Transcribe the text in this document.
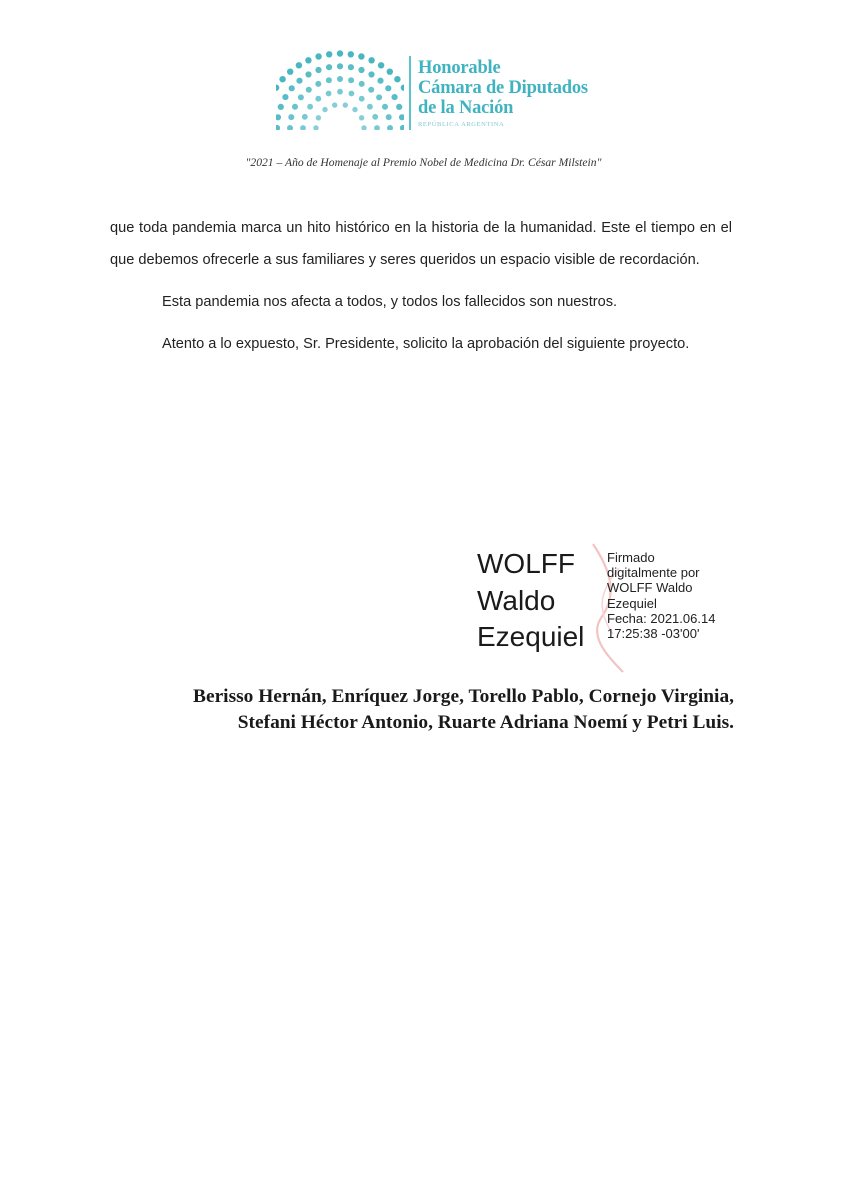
Honorable
Cámara de Diputados
de la Nación
REPÚBLICA ARGENTINA
"2021 – Año de Homenaje al Premio Nobel de Medicina Dr. César Milstein"

que toda pandemia marca un hito histórico en la historia de la humanidad. Este el tiempo en el que debemos ofrecerle a sus familiares y seres queridos un espacio visible de recordación.

Esta pandemia nos afecta a todos, y todos los fallecidos son nuestros.

Atento a lo expuesto, Sr. Presidente, solicito la aprobación del siguiente proyecto.

WOLFF
Waldo
Ezequiel
Firmado
digitalmente por
WOLFF Waldo
Ezequiel
Fecha: 2021.06.14
17:25:38 -03'00'
Berisso Hernán, Enríquez Jorge, Torello Pablo, Cornejo Virginia,
Stefani Héctor Antonio, Ruarte Adriana Noemí y Petri Luis.
